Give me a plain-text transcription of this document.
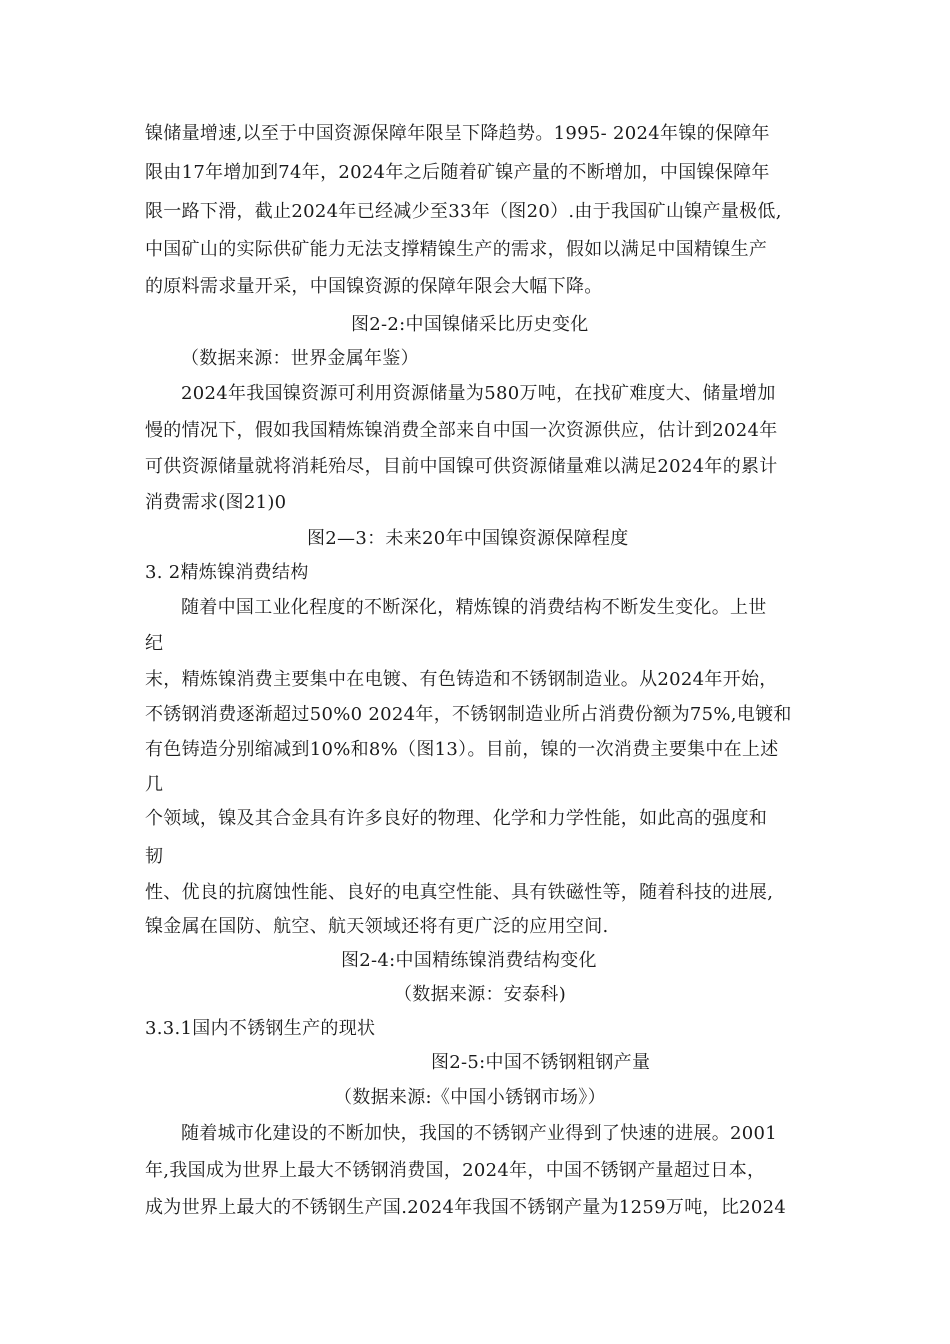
镍储量增速,以至于中国资源保障年限呈下降趋势。1995- 2024年镍的保障年
限由17年增加到74年，2024年之后随着矿镍产量的不断增加，中国镍保障年
限一路下滑，截止2024年已经减少至33年（图20）.由于我国矿山镍产量极低,
中国矿山的实际供矿能力无法支撑精镍生产的需求，假如以满足中国精镍生产
的原料需求量开采，中国镍资源的保障年限会大幅下降。
图2-2:中国镍储采比历史变化
（数据来源：世界金属年鉴）
2024年我国镍资源可利用资源储量为580万吨，在找矿难度大、储量增加
慢的情况下，假如我国精炼镍消费全部来自中国一次资源供应，估计到2024年
可供资源储量就将消耗殆尽，目前中国镍可供资源储量难以满足2024年的累计
消费需求(图21)0
图2—3：未来20年中国镍资源保障程度
3. 2精炼镍消费结构
随着中国工业化程度的不断深化，精炼镍的消费结构不断发生变化。上世
纪
末，精炼镍消费主要集中在电镀、有色铸造和不锈钢制造业。从2024年开始，
不锈钢消费逐渐超过50%0 2024年，不锈钢制造业所占消费份额为75%,电镀和
有色铸造分别缩减到10%和8%（图13）。目前，镍的一次消费主要集中在上述
几
个领域，镍及其合金具有许多良好的物理、化学和力学性能，如此高的强度和
韧
性、优良的抗腐蚀性能、良好的电真空性能、具有铁磁性等，随着科技的进展,
镍金属在国防、航空、航天领域还将有更广泛的应用空间.
图2-4:中国精练镍消费结构变化
（数据来源：安泰科)
3.3.1国内不锈钢生产的现状
图2-5:中国不锈钢粗钢产量
（数据来源:《中国小锈钢市场》）
随着城市化建设的不断加快，我国的不锈钢产业得到了快速的进展。2001
年,我国成为世界上最大不锈钢消费国，2024年，中国不锈钢产量超过日本，
成为世界上最大的不锈钢生产国.2024年我国不锈钢产量为1259万吨，比2024
